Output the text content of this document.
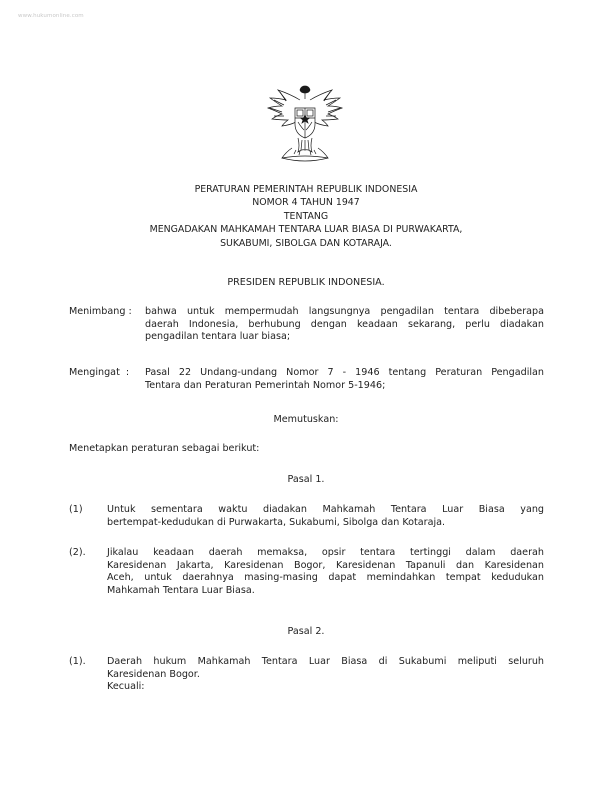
www.hukumonline.com
PERATURAN PEMERINTAH REPUBLIK INDONESIA
NOMOR 4 TAHUN 1947
TENTANG
MENGADAKAN MAHKAMAH TENTARA LUAR BIASA DI PURWAKARTA,
SUKABUMI, SIBOLGA DAN KOTARAJA.
PRESIDEN REPUBLIK INDONESIA.
Menimbang : bahwa untuk mempermudah langsungnya pengadilan tentara dibeberapa
daerah Indonesia, berhubung dengan keadaan sekarang, perlu diadakan
pengadilan tentara luar biasa;
Mengingat  : Pasal 22 Undang-undang Nomor 7 - 1946 tentang Peraturan Pengadilan
Tentara dan Peraturan Pemerintah Nomor 5-1946;
Memutuskan:
Menetapkan peraturan sebagai berikut:
Pasal 1.
(1)	Untuk sementara waktu diadakan Mahkamah Tentara Luar Biasa yang
bertempat-kedudukan di Purwakarta, Sukabumi, Sibolga dan Kotaraja.
(2). Jikalau keadaan daerah memaksa, opsir tentara tertinggi dalam daerah
Karesidenan Jakarta, Karesidenan Bogor, Karesidenan Tapanuli dan Karesidenan
Aceh, untuk daerahnya masing-masing dapat memindahkan tempat kedudukan
Mahkamah Tentara Luar Biasa.
Pasal 2.
(1). Daerah hukum Mahkamah Tentara Luar Biasa di Sukabumi meliputi seluruh
Karesidenan Bogor.
Kecuali:
